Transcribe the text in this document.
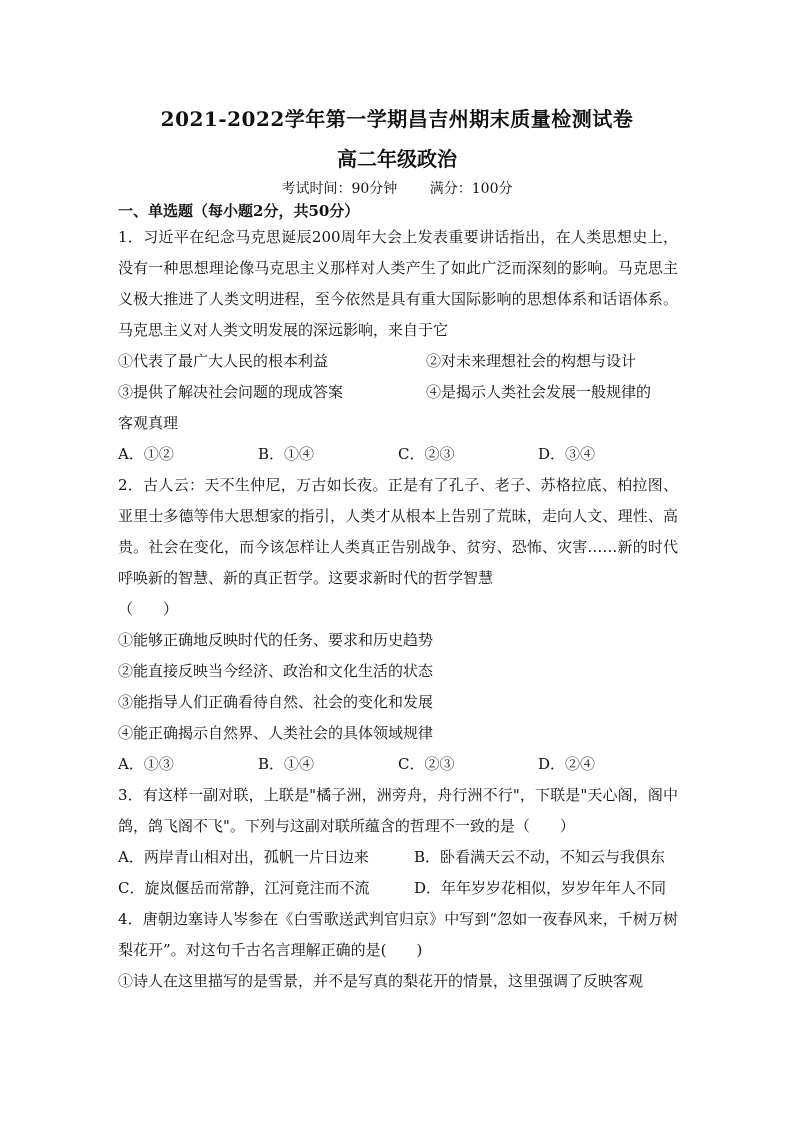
2021-2022学年第一学期昌吉州期末质量检测试卷
高二年级政治
考试时间：90分钟 满分：100分
一、单选题（每小题2分，共50分）

1．习近平在纪念马克思诞辰200周年大会上发表重要讲话指出，在人类思想史上，没有一种思想理论像马克思主义那样对人类产生了如此广泛而深刻的影响。马克思主义极大推进了人类文明进程，至今依然是具有重大国际影响的思想体系和话语体系。马克思主义对人类文明发展的深远影响，来自于它

①代表了最广大人民的根本利益	②对未来理想社会的构想与设计
③提供了解决社会问题的现成答案	④是揭示人类社会发展一般规律的

客观真理

A．①②	B．①④	C．②③	D．③④

2．古人云：天不生仲尼，万古如长夜。正是有了孔子、老子、苏格拉底、柏拉图、亚里士多德等伟大思想家的指引，人类才从根本上告别了荒昧，走向人文、理性、高贵。社会在变化，而今该怎样让人类真正告别战争、贫穷、恐怖、灾害……新的时代呼唤新的智慧、新的真正哲学。这要求新时代的哲学智慧

（　　）

①能够正确地反映时代的任务、要求和历史趋势

②能直接反映当今经济、政治和文化生活的状态

③能指导人们正确看待自然、社会的变化和发展

④能正确揭示自然界、人类社会的具体领域规律

A．①③	B．①④	C．②③	D．②④

3．有这样一副对联，上联是"橘子洲，洲旁舟，舟行洲不行"，下联是"天心阁，阁中鸽，鸽飞阁不飞"。下列与这副对联所蕴含的哲理不一致的是（　　）

A．两岸青山相对出，孤帆一片日边来	B．卧看满天云不动，不知云与我俱东
C．旋岚偃岳而常静，江河竟注而不流	D．年年岁岁花相似，岁岁年年人不同

4．唐朝边塞诗人岑参在《白雪歌送武判官归京》中写到“忽如一夜春风来，千树万树梨花开”。对这句千古名言理解正确的是(　　)

①诗人在这里描写的是雪景，并不是写真的梨花开的情景，这里强调了反映客观
